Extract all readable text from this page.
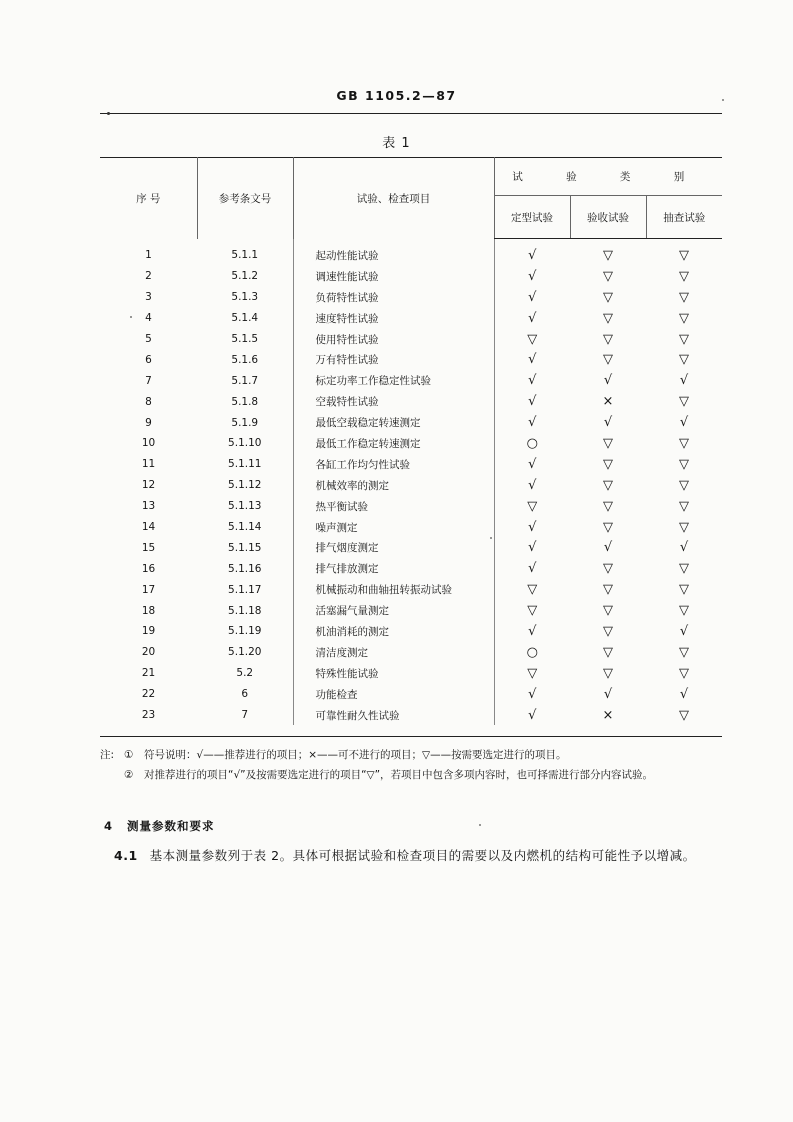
GB 1105.2—87
表 1
序 号	参考条文号	试验、检查项目	试 验 类 别		
			定型试验	验收试验	抽查试验
1	5.1.1	起动性能试验	√	▽	▽
2	5.1.2	调速性能试验	√	▽	▽
3	5.1.3	负荷特性试验	√	▽	▽
4	5.1.4	速度特性试验	√	▽	▽
5	5.1.5	使用特性试验	▽	▽	▽
6	5.1.6	万有特性试验	√	▽	▽
7	5.1.7	标定功率工作稳定性试验	√	√	√
8	5.1.8	空载特性试验	√	×	▽
9	5.1.9	最低空载稳定转速测定	√	√	√
10	5.1.10	最低工作稳定转速测定	○	▽	▽
11	5.1.11	各缸工作均匀性试验	√	▽	▽
12	5.1.12	机械效率的测定	√	▽	▽
13	5.1.13	热平衡试验	▽	▽	▽
14	5.1.14	噪声测定	√	▽	▽
15	5.1.15	排气烟度测定	√	√	√
16	5.1.16	排气排放测定	√	▽	▽
17	5.1.17	机械振动和曲轴扭转振动试验	▽	▽	▽
18	5.1.18	活塞漏气量测定	▽	▽	▽
19	5.1.19	机油消耗的测定	√	▽	√
20	5.1.20	清洁度测定	○	▽	▽
21	5.2	特殊性能试验	▽	▽	▽
22	6	功能检查	√	√	√
23	7	可靠性耐久性试验	√	×	▽
注: ①	符号说明：√——推荐进行的项目；×——可不进行的项目；▽——按需要选定进行的项目。
②	对推荐进行的项目“√”及按需要选定进行的项目“▽”，若项目中包含多项内容时，也可择需进行部分内容试验。
4 测量参数和要求
4.1 基本测量参数列于表 2。具体可根据试验和检查项目的需要以及内燃机的结构可能性予以增减。
